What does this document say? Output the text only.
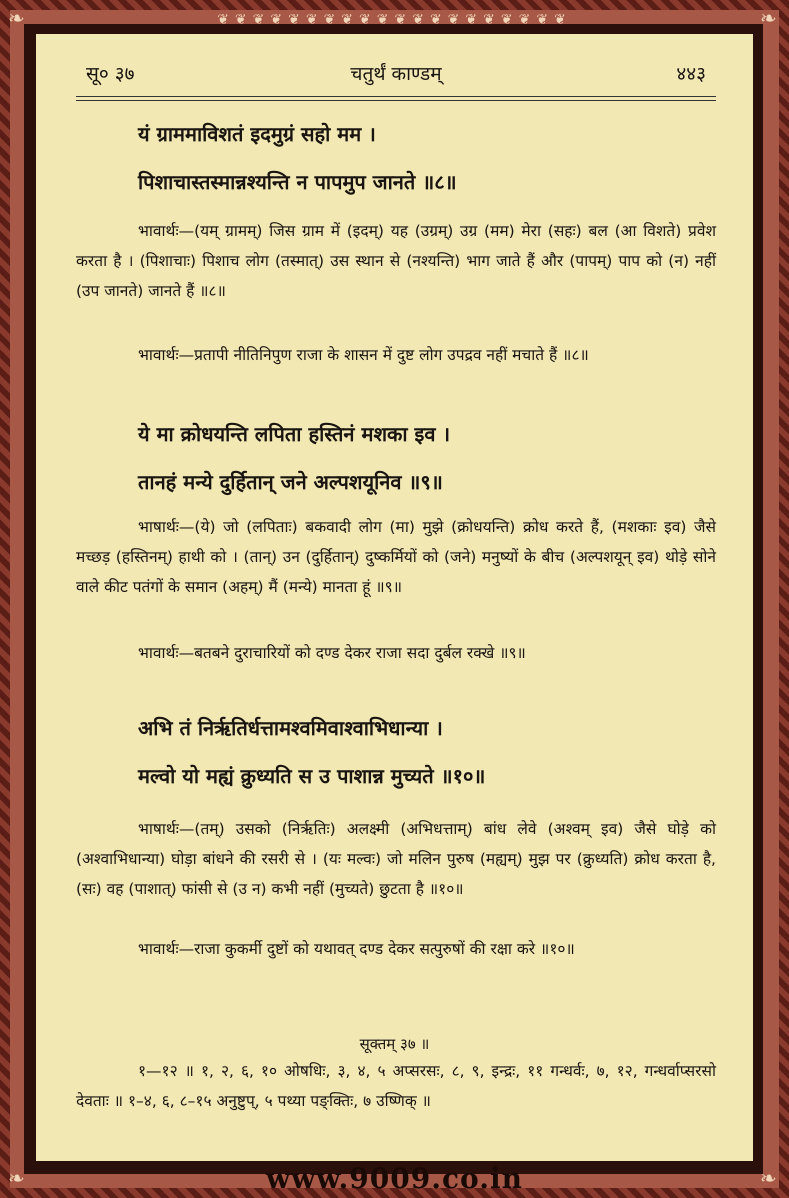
❦❦❦❦❦❦❦❦❦❦❦❦❦❦❦❦❦❦❦❦
❧	❧
❧	❧
सू० ३७	चतुर्थं काण्डम्	४४३
यं ग्राममाविशतं इदमुग्रं सहो मम ।
पिशाचास्तस्मान्नश्यन्ति न पापमुप जानते ॥८॥
भावार्थः—(यम् ग्रामम्) जिस ग्राम में (इदम्) यह (उग्रम्) उग्र (मम) मेरा (सहः) बल (आ विशते) प्रवेश करता है । (पिशाचाः) पिशाच लोग (तस्मात्) उस स्थान से (नश्यन्ति) भाग जाते हैं और (पापम्) पाप को (न) नहीं (उप जानते) जानते हैं ॥८॥
भावार्थः—प्रतापी नीतिनिपुण राजा के शासन में दुष्ट लोग उपद्रव नहीं मचाते हैं ॥८॥
ये मा क्रोधयन्ति लपिता हस्तिनं मशका इव ।
तानहं मन्ये दुर्हितान् जने अल्पशयूनिव ॥९॥
भाषार्थः—(ये) जो (लपिताः) बकवादी लोग (मा) मुझे (क्रोधयन्ति) क्रोध करते हैं, (मशकाः इव) जैसे मच्छड़ (हस्तिनम्) हाथी को । (तान्) उन (दुर्हितान्) दुष्कर्मियों को (जने) मनुष्यों के बीच (अल्पशयून् इव) थोड़े सोने वाले कीट पतंगों के समान (अहम्) मैं (मन्ये) मानता हूं ॥९॥
भावार्थः—बतबने दुराचारियों को दण्ड देकर राजा सदा दुर्बल रक्खे ॥९॥
अभि तं निर्ऋतिर्धत्तामश्वमिवाश्वाभिधान्या ।
मल्वो यो मह्यं क्रुध्यति स उ पाशान्न मुच्यते ॥१०॥
भाषार्थः—(तम्) उसको (निर्ऋतिः) अलक्ष्मी (अभिधत्ताम्) बांध लेवे (अश्वम् इव) जैसे घोड़े को (अश्वाभिधान्या) घोड़ा बांधने की रसरी से । (यः मल्वः) जो मलिन पुरुष (मह्यम्) मुझ पर (क्रुध्यति) क्रोध करता है, (सः) वह (पाशात्) फांसी से (उ न) कभी नहीं (मुच्यते) छुटता है ॥१०॥
भावार्थः—राजा कुकर्मी दुष्टों को यथावत् दण्ड देकर सत्पुरुषों की रक्षा करे ॥१०॥
सूक्तम् ३७ ॥
१—१२ ॥ १, २, ६, १० ओषधिः, ३, ४, ५ अप्सरसः, ८, ९, इन्द्रः, ११ गन्धर्वः, ७, १२, गन्धर्वाप्सरसो देवताः ॥ १–४, ६, ८–१५ अनुष्टुप्, ५ पथ्या पङ्क्तिः, ७ उष्णिक् ॥
www.9009.co.in
